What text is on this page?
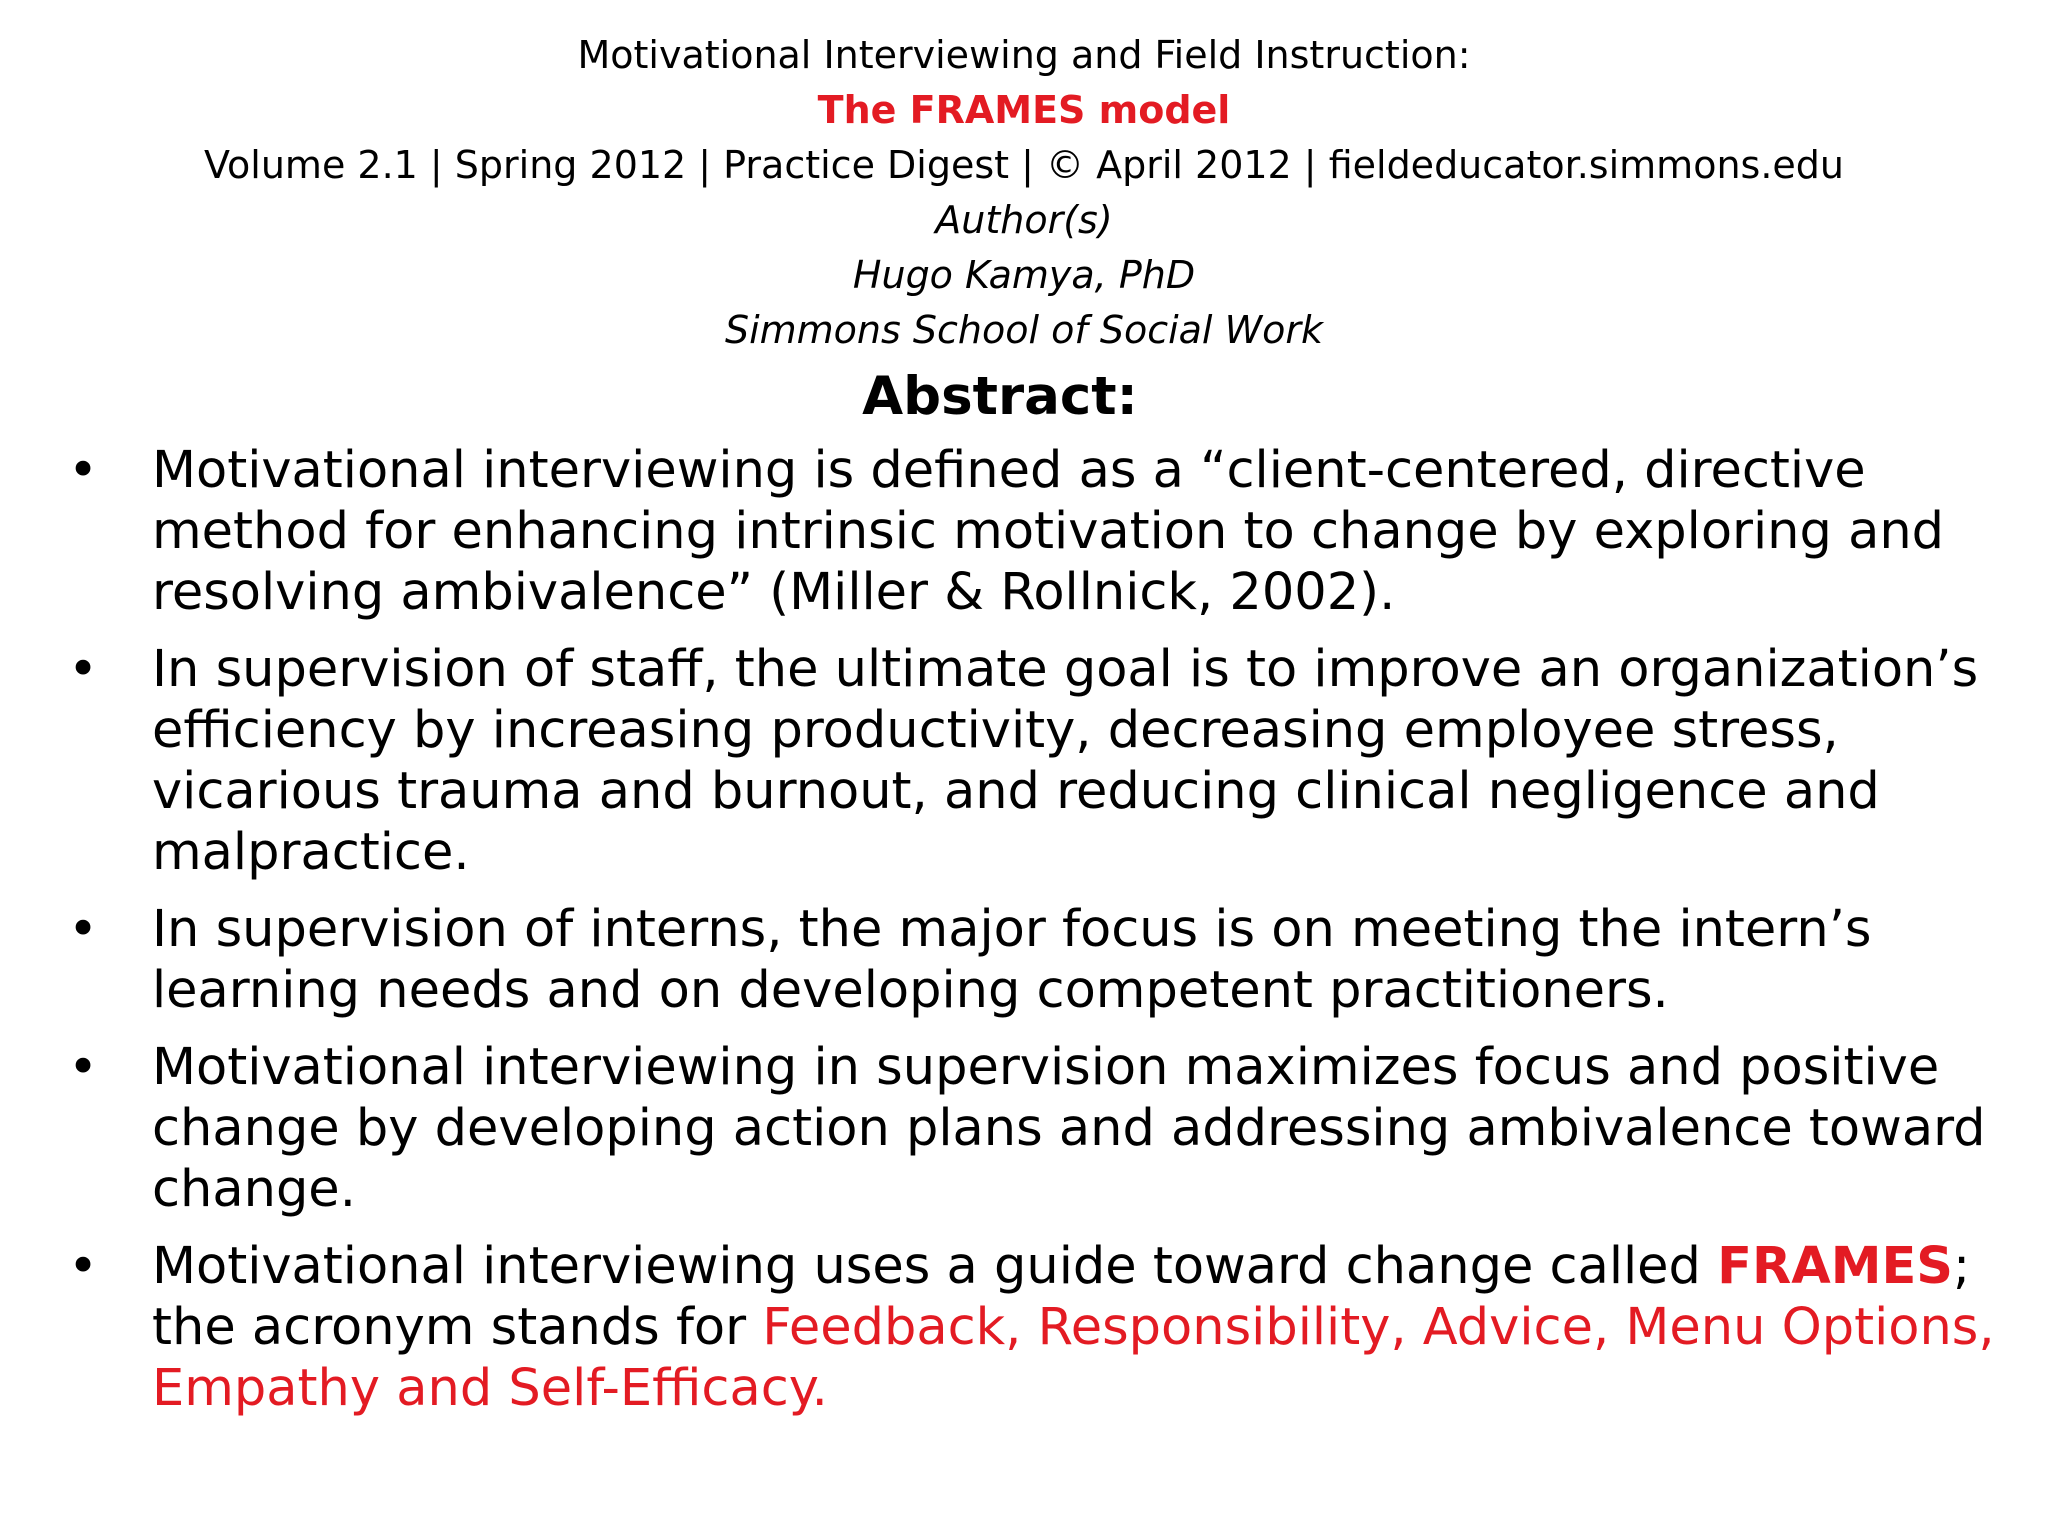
Motivational Interviewing and Field Instruction:
The FRAMES model
Volume 2.1 | Spring 2012 | Practice Digest | © April 2012 | fieldeducator.simmons.edu
Author(s)
Hugo Kamya, PhD
Simmons School of Social Work
Abstract:
• Motivational interviewing is defined as a “client-centered, directive method for enhancing intrinsic motivation to change by exploring and resolving ambivalence” (Miller & Rollnick, 2002).
• In supervision of staff, the ultimate goal is to improve an organization’s efficiency by increasing productivity, decreasing employee stress, vicarious trauma and burnout, and reducing clinical negligence and malpractice.
• In supervision of interns, the major focus is on meeting the intern’s learning needs and on developing competent practitioners.
• Motivational interviewing in supervision maximizes focus and positive change by developing action plans and addressing ambivalence toward change.
• Motivational interviewing uses a guide toward change called FRAMES; the acronym stands for Feedback, Responsibility, Advice, Menu Options, Empathy and Self-Efficacy.
